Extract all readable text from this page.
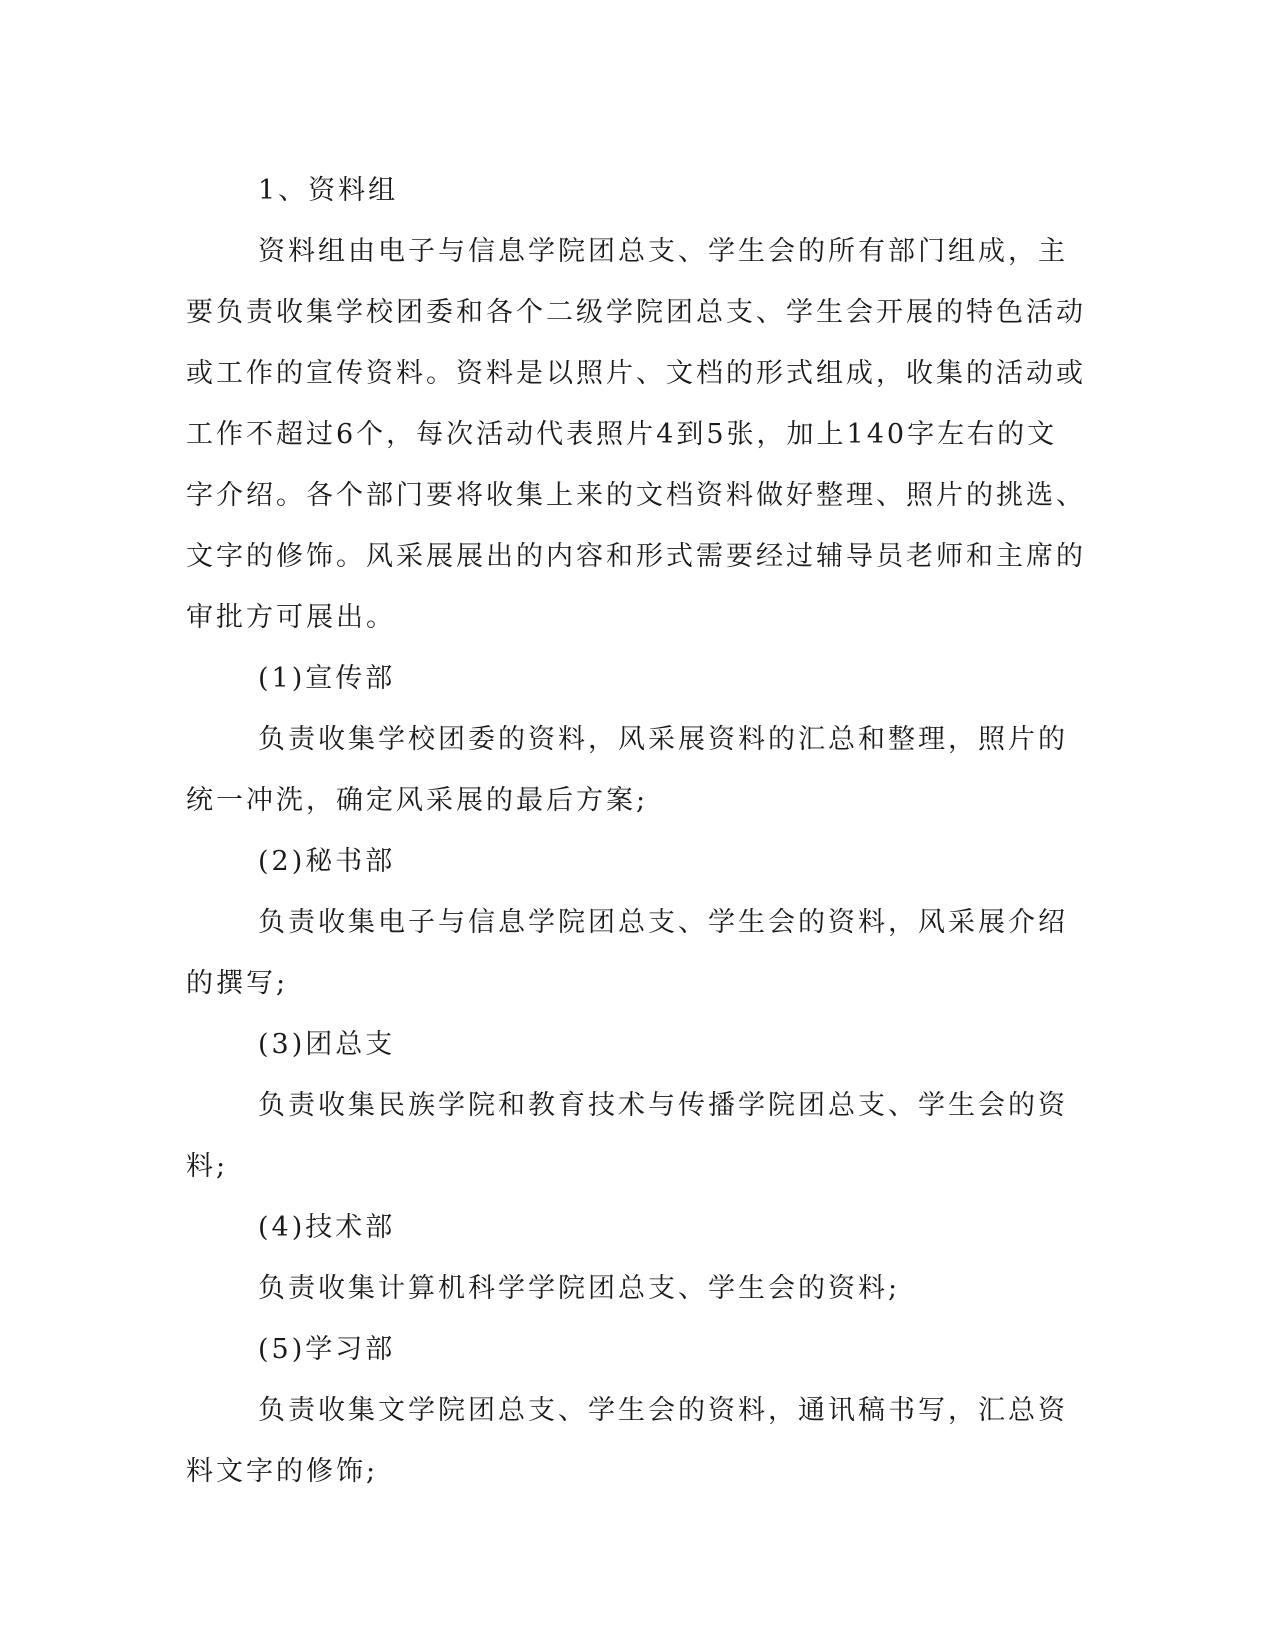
1、资料组

资料组由电子与信息学院团总支、学生会的所有部门组成，主要负责收集学校团委和各个二级学院团总支、学生会开展的特色活动或工作的宣传资料。资料是以照片、文档的形式组成，收集的活动或工作不超过6个，每次活动代表照片4到5张，加上140字左右的文字介绍。各个部门要将收集上来的文档资料做好整理、照片的挑选、文字的修饰。风采展展出的内容和形式需要经过辅导员老师和主席的审批方可展出。

(1)宣传部

负责收集学校团委的资料，风采展资料的汇总和整理，照片的统一冲洗，确定风采展的最后方案;

(2)秘书部

负责收集电子与信息学院团总支、学生会的资料，风采展介绍的撰写;

(3)团总支

负责收集民族学院和教育技术与传播学院团总支、学生会的资料;

(4)技术部

负责收集计算机科学学院团总支、学生会的资料;

(5)学习部

负责收集文学院团总支、学生会的资料，通讯稿书写，汇总资料文字的修饰;
